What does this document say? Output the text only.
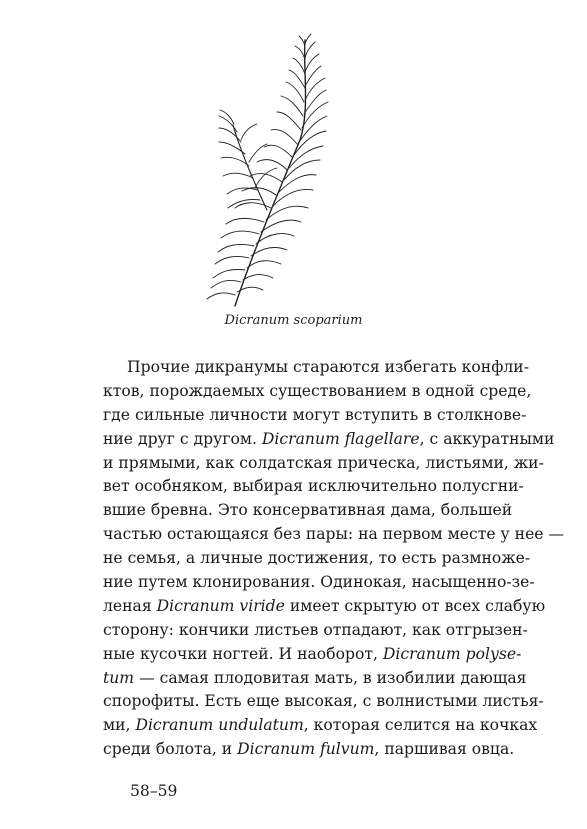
Dicranum scoparium
Прочие дикранумы стараются избегать конфли-
ктов, порождаемых существованием в одной среде,
где сильные личности могут вступить в столкнове-
ние друг с другом. Dicranum flagellare, с аккуратными
и прямыми, как солдатская прическа, листьями, жи-
вет особняком, выбирая исключительно полусгни-
вшие бревна. Это консервативная дама, большей
частью остающаяся без пары: на первом месте у нее —
не семья, а личные достижения, то есть размноже-
ние путем клонирования. Одинокая, насыщенно-зе-
леная Dicranum viride имеет скрытую от всех слабую
сторону: кончики листьев отпадают, как отгрызен-
ные кусочки ногтей. И наоборот, Dicranum polyse-
tum — самая плодовитая мать, в изобилии дающая
спорофиты. Есть еще высокая, с волнистыми листья-
ми, Dicranum undulatum, которая селится на кочках
среди болота, и Dicranum fulvum, паршивая овца.
58–59
